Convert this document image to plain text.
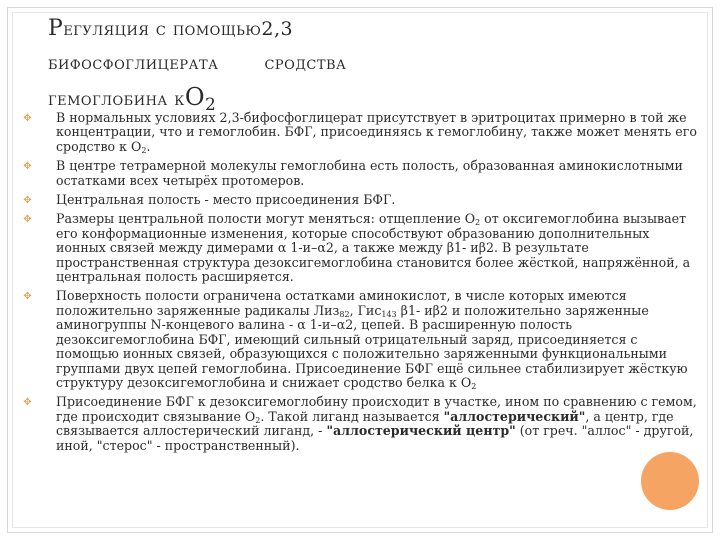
Регуляция с помощью2,3
бифосфоглицерата сродства
гемоглобина кО2
✥ В нормальных условиях 2,3-бифосфоглицерат присутствует в эритроцитах примерно в той же концентрации, что и гемоглобин. БФГ, присоединяясь к гемоглобину, также может менять его сродство к $О_2$.
✥ В центре тетрамерной молекулы гемоглобина есть полость, образованная аминокислотными остатками всех четырёх протомеров.
✥ Центральная полость - место присоединения БФГ.
✥ Размеры центральной полости могут меняться: отщепление $О_2$ от оксигемоглобина вызывает его конформационные изменения, которые способствуют образованию дополнительных ионных связей между димерами α 1-и–α2, а также между β1- иβ2. В результате пространственная структура дезоксигемоглобина становится более жёсткой, напряжённой, а центральная полость расширяется.
✥ Поверхность полости ограничена остатками аминокислот, в числе которых имеются положительно заряженные радикалы Лиз$_{82}$, Гис$_{143}$ β1- иβ2 и положительно заряженные аминогруппы N-концевого валина - α 1-и–α2, цепей. В расширенную полость дезоксигемоглобина БФГ, имеющий сильный отрицательный заряд, присоединяется с помощью ионных связей, образующихся с положительно заряженными функциональными группами двух цепей гемоглобина. Присоединение БФГ ещё сильнее стабилизирует жёсткую структуру дезоксигемоглобина и снижает сродство белка к $О_2$
✥ Присоединение БФГ к дезоксигемоглобину происходит в участке, ином по сравнению с гемом, где происходит связывание $О_2$. Такой лиганд называется "аллостерический", а центр, где связывается аллостерический лиганд, - "аллостерический центр" (от греч. "аллос" - другой, иной, "стерос" - пространственный).
